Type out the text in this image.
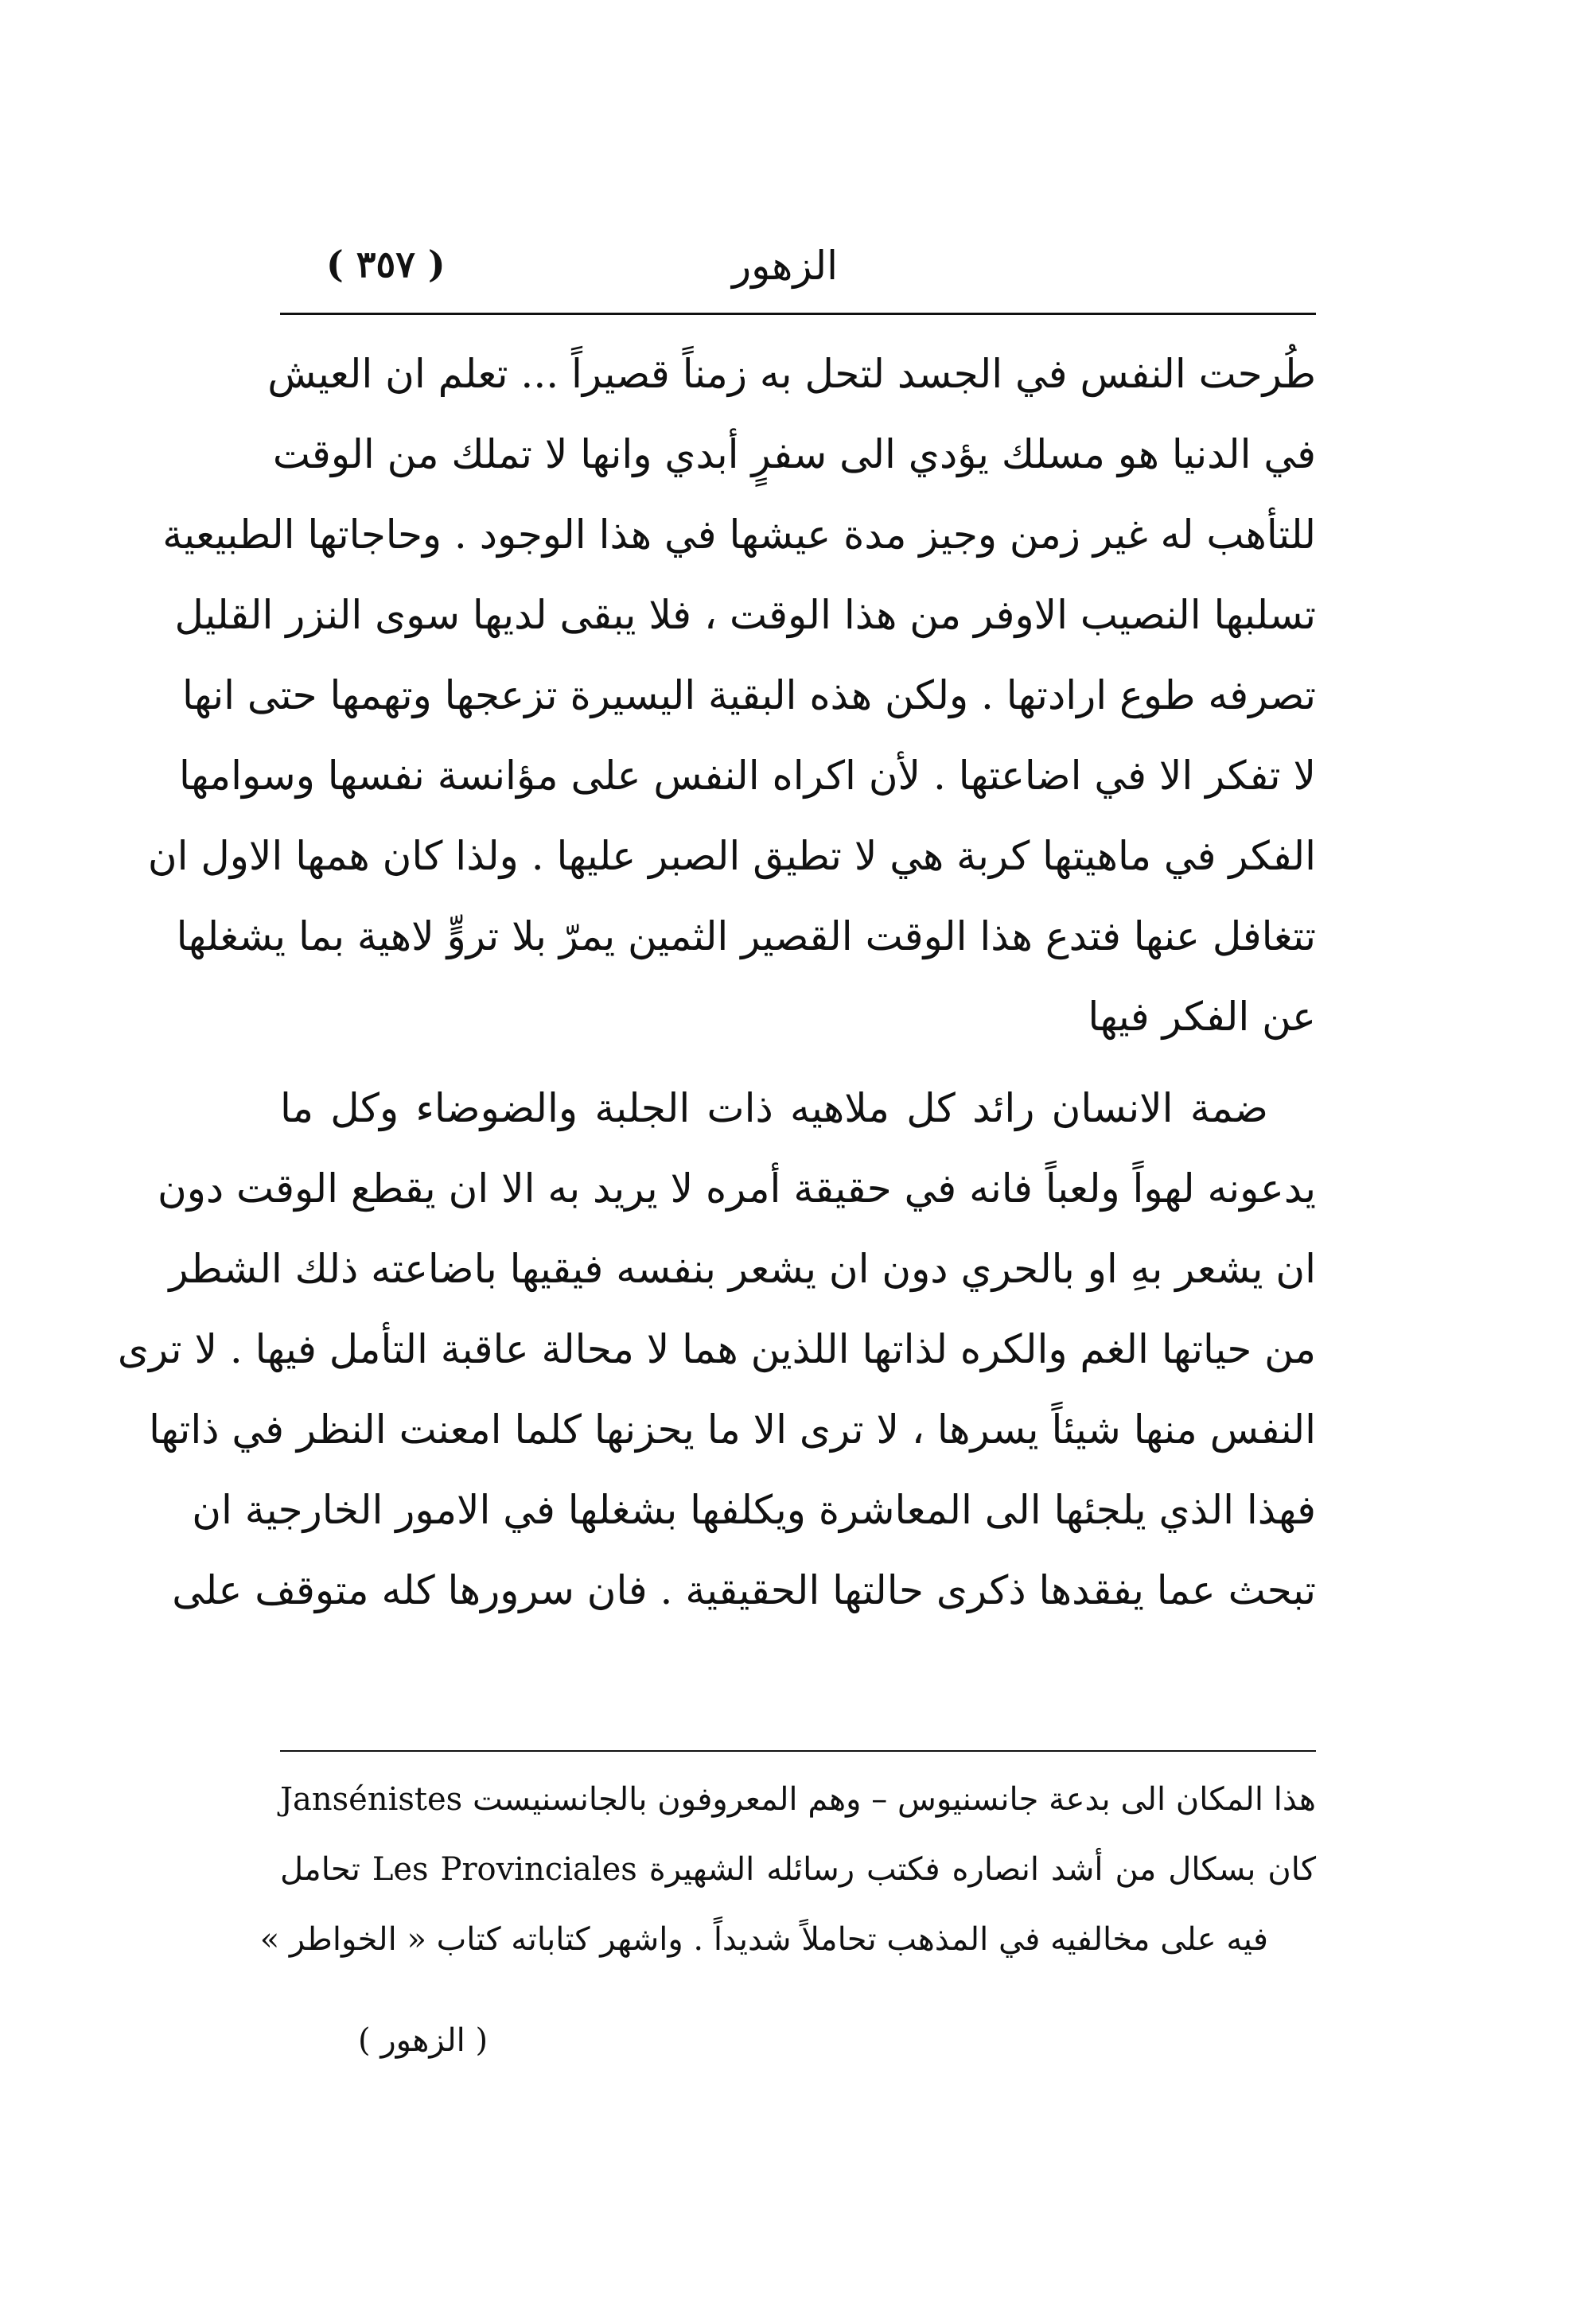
( ٣٥٧ )	الزهور
طُرحت النفس في الجسد لتحل به زمناً قصيراً ... تعلم ان العيش
في الدنيا هو مسلك يؤدي الى سفرٍ أبدي وانها لا تملك من الوقت
للتأهب له غير زمن وجيز مدة عيشها في هذا الوجود . وحاجاتها الطبيعية
تسلبها النصيب الاوفر من هذا الوقت ، فلا يبقى لديها سوى النزر القليل
تصرفه طوع ارادتها . ولكن هذه البقية اليسيرة تزعجها وتهمها حتى انها
لا تفكر الا في اضاعتها . لأن اكراه النفس على مؤانسة نفسها وسوامها
الفكر في ماهيتها كربة هي لا تطيق الصبر عليها . ولذا كان همها الاول ان
تتغافل عنها فتدع هذا الوقت القصير الثمين يمرّ بلا تروٍّ لاهية بما يشغلها
عن الفكر فيها
ضمة الانسان رائد كل ملاهيه ذات الجلبة والضوضاء وكل ما
يدعونه لهواً ولعباً فانه في حقيقة أمره لا يريد به الا ان يقطع الوقت دون
ان يشعر بهِ او بالحري دون ان يشعر بنفسه فيقيها باضاعته ذلك الشطر
من حياتها الغم والكره لذاتها اللذين هما لا محالة عاقبة التأمل فيها . لا ترى
النفس منها شيئاً يسرها ، لا ترى الا ما يحزنها كلما امعنت النظر في ذاتها
فهذا الذي يلجئها الى المعاشرة ويكلفها بشغلها في الامور الخارجية ان
تبحث عما يفقدها ذكرى حالتها الحقيقية . فان سرورها كله متوقف على
هذا المكان الى بدعة جانسنيوس – وهم المعروفون بالجانسنيست Jansénistes
كان بسكال من أشد انصاره فكتب رسائله الشهيرة Les Provinciales تحامل
فيه على مخالفيه في المذهب تحاملاً شديداً . واشهر كتاباته كتاب « الخواطر »
( الزهور )
